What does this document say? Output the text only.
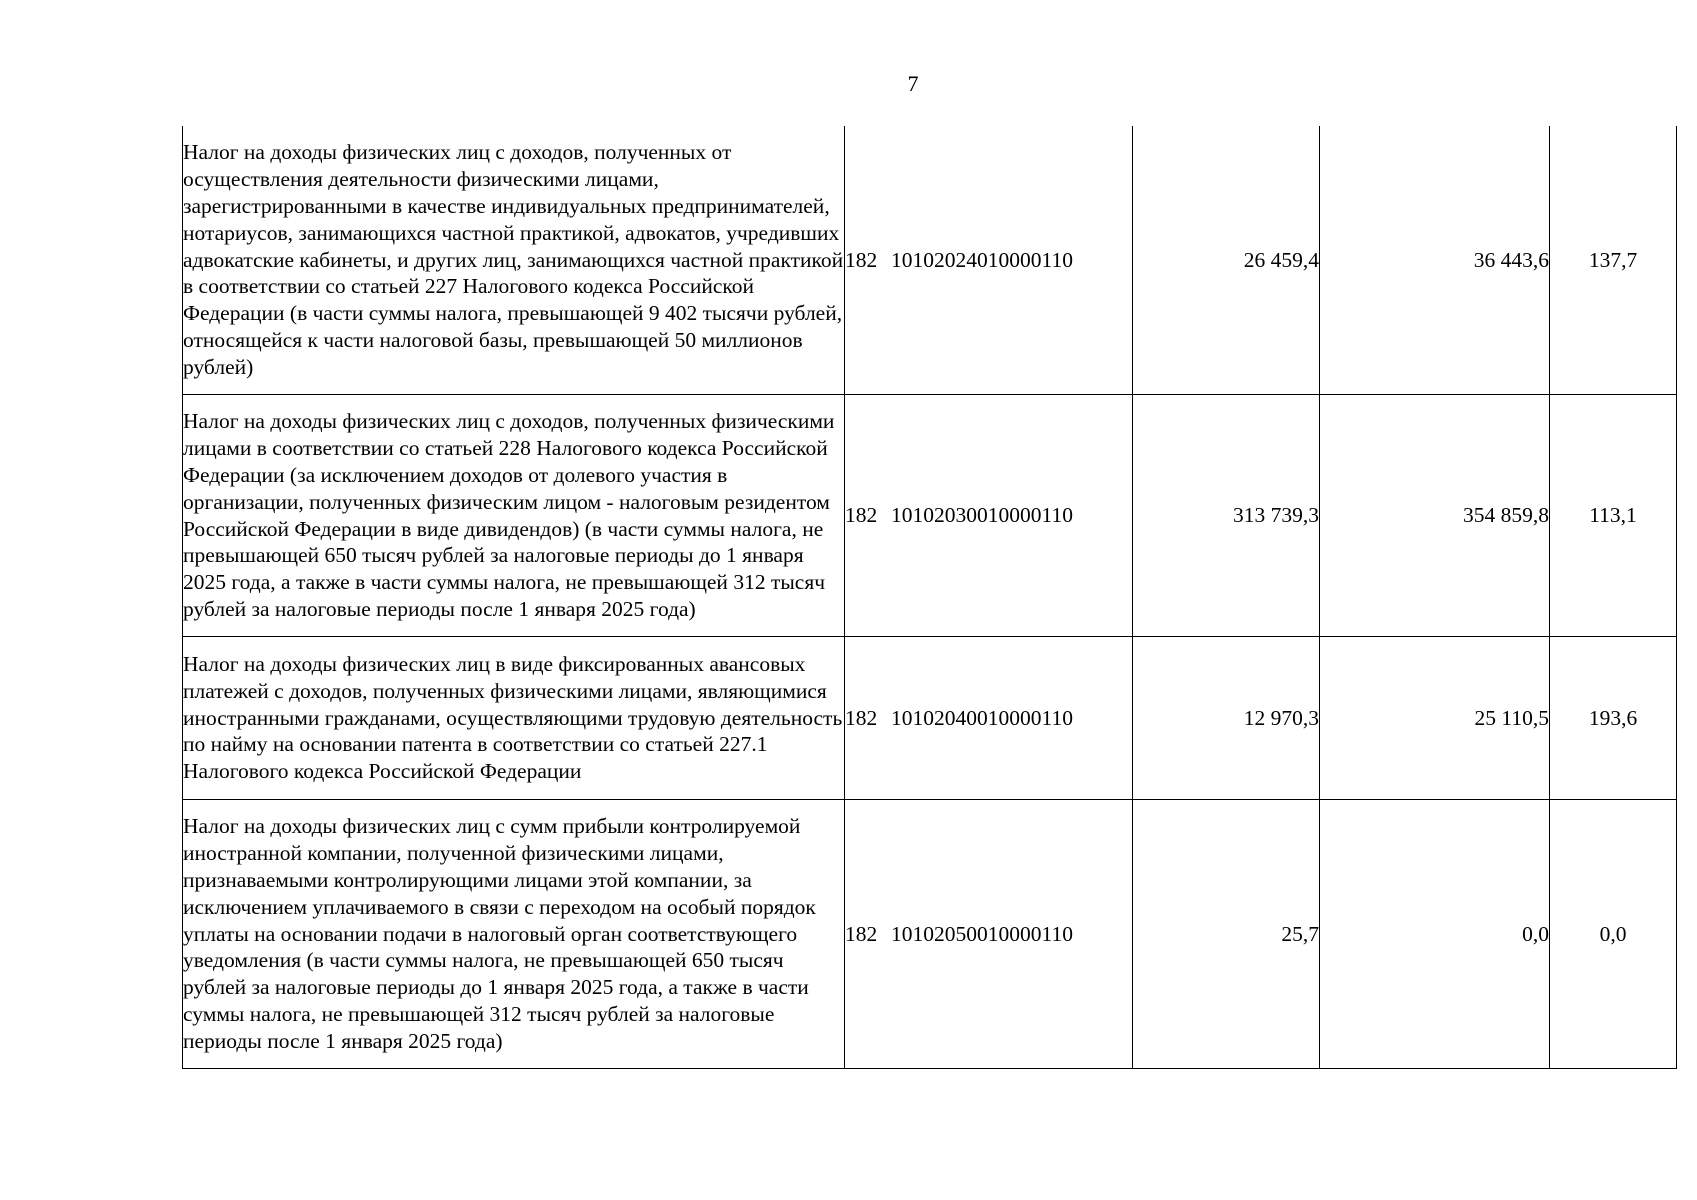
7
Налог на доходы физических лиц с доходов, полученных от осуществления деятельности физическими лицами, зарегистрированными в качестве индивидуальных предпринимателей, нотариусов, занимающихся частной практикой, адвокатов, учредивших адвокатские кабинеты, и других лиц, занимающихся частной практикой в соответствии со статьей 227 Налогового кодекса Российской Федерации (в части суммы налога, превышающей 9 402 тысячи рублей, относящейся к части налоговой базы, превышающей 50 миллионов рублей)	182 10102024010000110	26 459,4	36 443,6	137,7
Налог на доходы физических лиц с доходов, полученных физическими лицами в соответствии со статьей 228 Налогового кодекса Российской Федерации (за исключением доходов от долевого участия в организации, полученных физическим лицом - налоговым резидентом Российской Федерации в виде дивидендов) (в части суммы налога, не превышающей 650 тысяч рублей за налоговые периоды до 1 января 2025 года, а также в части суммы налога, не превышающей 312 тысяч рублей за налоговые периоды после 1 января 2025 года)	182 10102030010000110	313 739,3	354 859,8	113,1
Налог на доходы физических лиц в виде фиксированных авансовых платежей с доходов, полученных физическими лицами, являющимися иностранными гражданами, осуществляющими трудовую деятельность по найму на основании патента в соответствии со статьей 227.1 Налогового кодекса Российской Федерации	182 10102040010000110	12 970,3	25 110,5	193,6
Налог на доходы физических лиц с сумм прибыли контролируемой иностранной компании, полученной физическими лицами, признаваемыми контролирующими лицами этой компании, за исключением уплачиваемого в связи с переходом на особый порядок уплаты на основании подачи в налоговый орган соответствующего уведомления (в части суммы налога, не превышающей 650 тысяч рублей за налоговые периоды до 1 января 2025 года, а также в части суммы налога, не превышающей 312 тысяч рублей за налоговые периоды после 1 января 2025 года)	182 10102050010000110	25,7	0,0	0,0
